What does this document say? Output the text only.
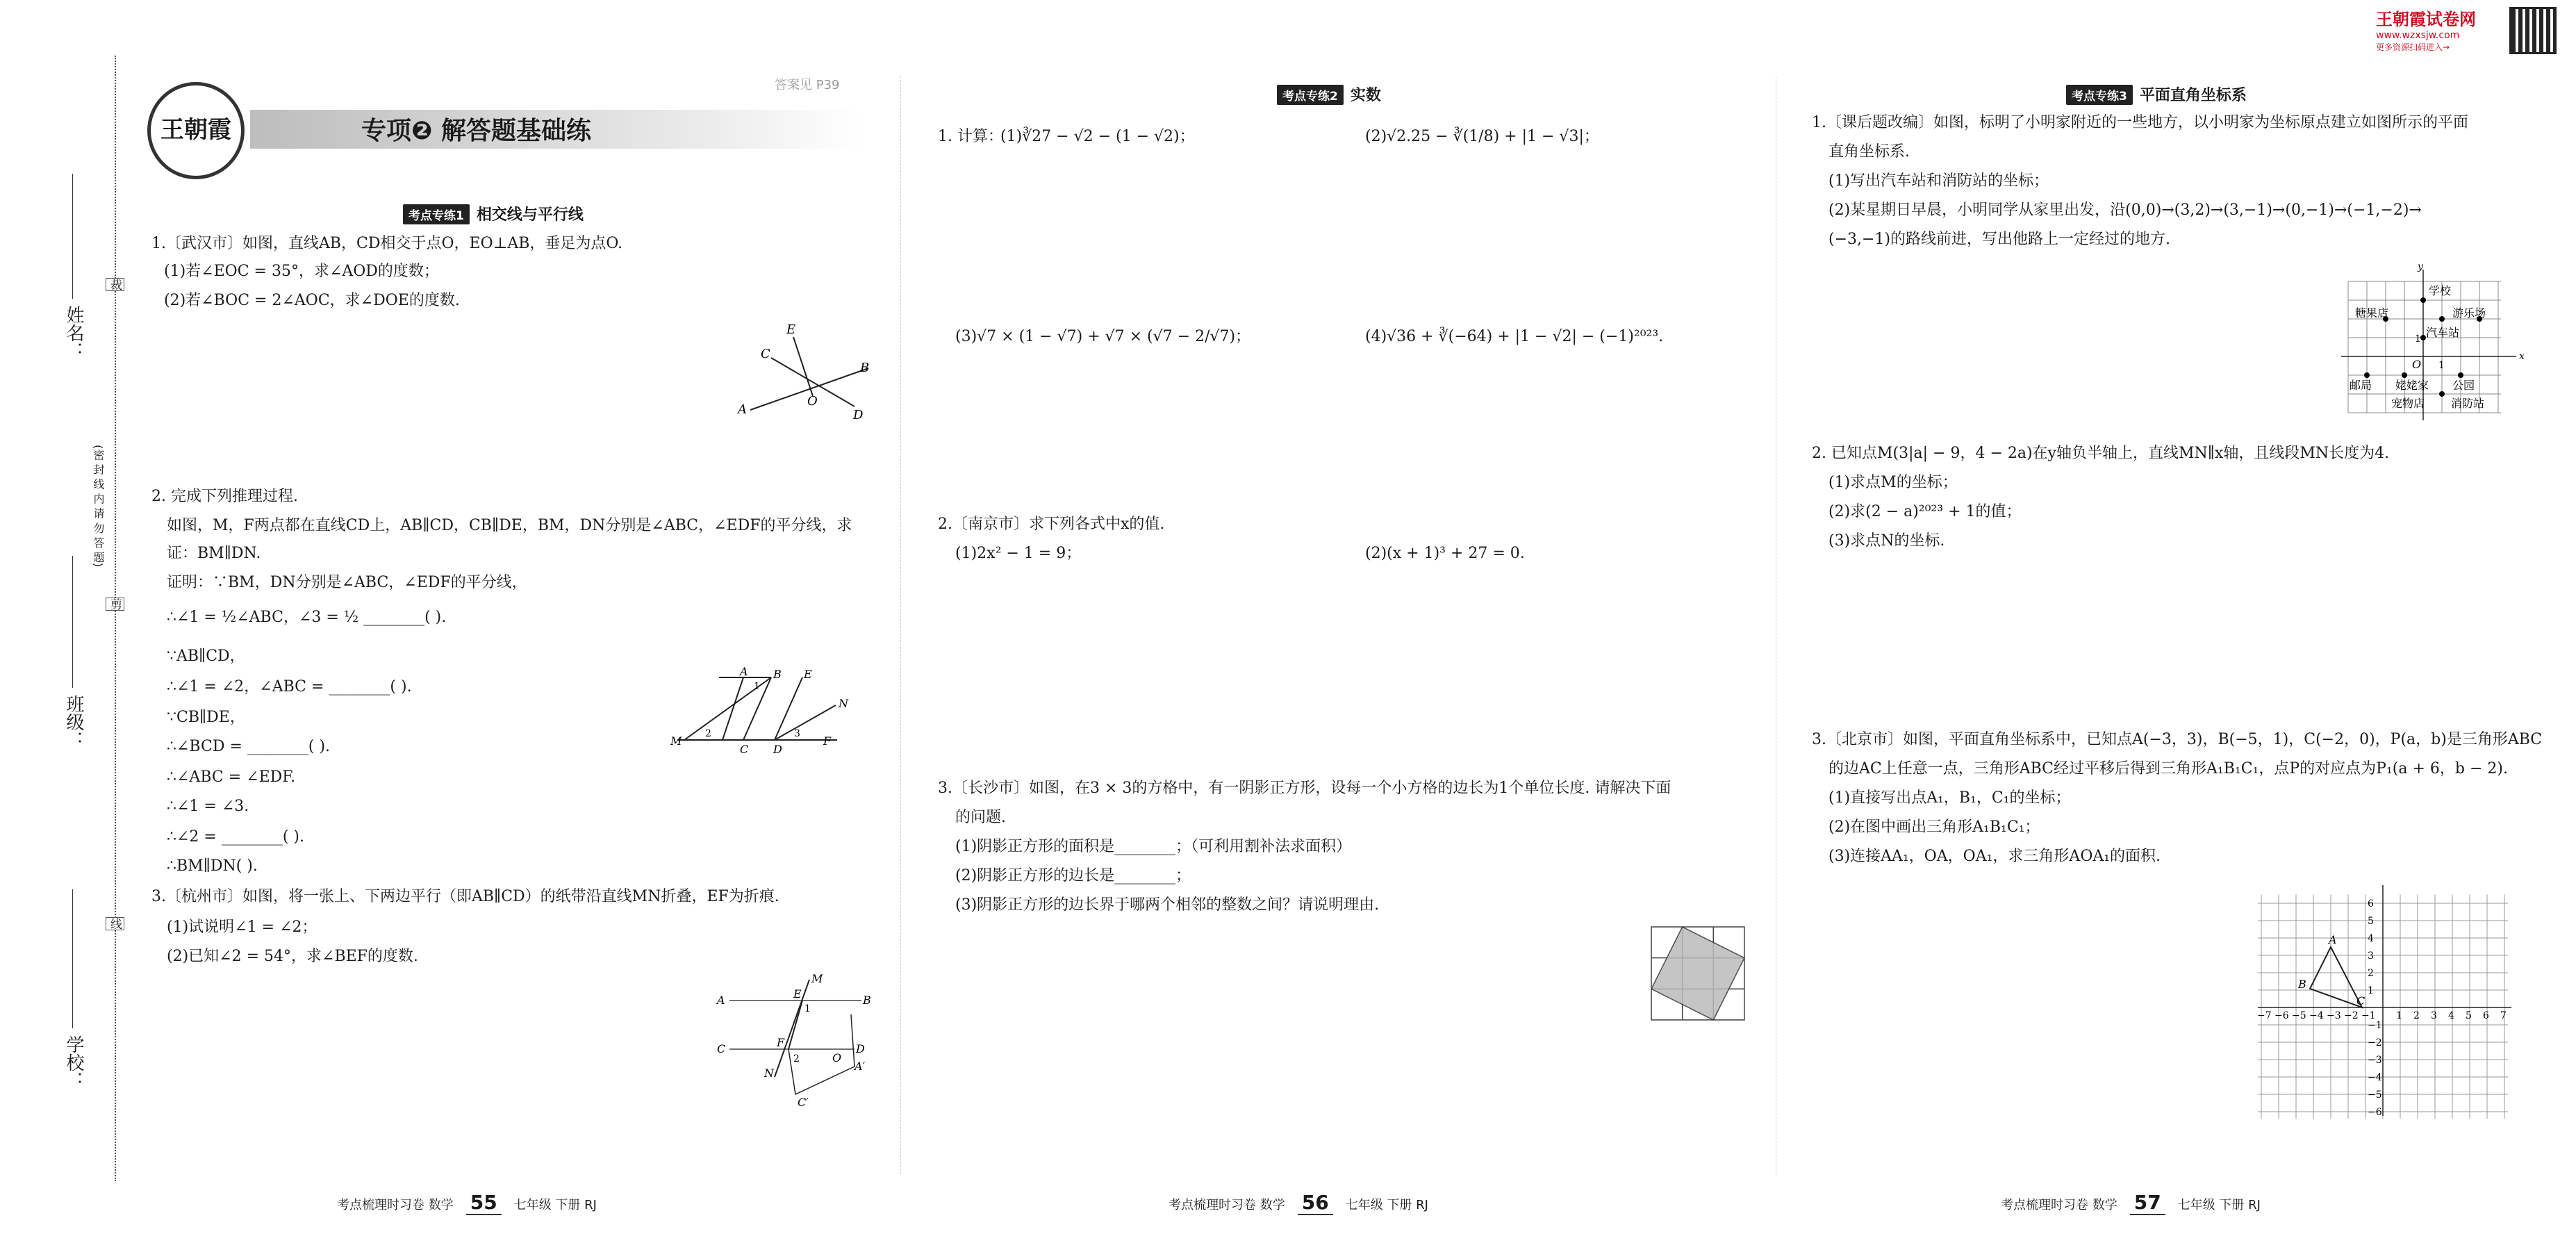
姓名：
班级：
学校：
(密 封 线 内 请 勿 答 题)
裁
剪
线
王朝霞	专项❷ 解答题基础练
答案见 P39
王朝霞试卷网
www.wzxsjw.com
更多资源扫码进入→
考点专练1 相交线与平行线
1.〔武汉市〕如图，直线AB，CD相交于点O，EO⊥AB，垂足为点O.
(1)若∠EOC = 35°，求∠AOD的度数；
(2)若∠BOC = 2∠AOC，求∠DOE的度数.
E
C
B
A
O
D
2. 完成下列推理过程.
如图，M，F两点都在直线CD上，AB∥CD，CB∥DE，BM，DN分别是∠ABC，∠EDF的平分线，求
证：BM∥DN.
证明：∵BM，DN分别是∠ABC，∠EDF的平分线，
∴∠1 = ½∠ABC，∠3 = ½ ________( ).
∵AB∥CD，
∴∠1 = ∠2，∠ABC = ________( ).
∵CB∥DE，
∴∠BCD = ________( ).
∴∠ABC = ∠EDF.
∴∠1 = ∠3.
∴∠2 = ________( ).
∴BM∥DN( ).
A
1
B E
N
M
2
C D
3
F
3.〔杭州市〕如图，将一张上、下两边平行（即AB∥CD）的纸带沿直线MN折叠，EF为折痕.
(1)试说明∠1 = ∠2；
(2)已知∠2 = 54°，求∠BEF的度数.
A	E
M
B
C	F
1
2	O
D
N
A′
C′
考点专练2 实数
1. 计算：
(1)∛27 − √2 − (1 − √2)；	(2)√2.25 − ∛(1/8) + |1 − √3|；
(3)√7 × (1 − √7) + √7 × (√7 − 2/√7)；	(4)√36 + ∛(−64) + |1 − √2| − (−1)²⁰²³.
2.〔南京市〕求下列各式中x的值.
(1)2x² − 1 = 9；	(2)(x + 1)³ + 27 = 0.
3.〔长沙市〕如图，在3 × 3的方格中，有一阴影正方形，设每一个小方格的边长为1个单位长度. 请解决下面
的问题.
(1)阴影正方形的面积是________；（可利用割补法求面积）
(2)阴影正方形的边长是________；
(3)阴影正方形的边长界于哪两个相邻的整数之间？请说明理由.
考点专练3 平面直角坐标系
1.〔课后题改编〕如图，标明了小明家附近的一些地方，以小明家为坐标原点建立如图所示的平面
直角坐标系.
(1)写出汽车站和消防站的坐标；
(2)某星期日早晨，小明同学从家里出发，沿(0,0)→(3,2)→(3,−1)→(0,−1)→(−1,−2)→
(−3,−1)的路线前进，写出他路上一定经过的地方.
学校
糖果店	游乐场
汽车站
邮局 姥姥家 公园
宠物店 消防站
O 1
1
x
y
2. 已知点M(3|a| − 9，4 − 2a)在y轴负半轴上，直线MN∥x轴，且线段MN长度为4.
(1)求点M的坐标；
(2)求(2 − a)²⁰²³ + 1的值；
(3)求点N的坐标.
3.〔北京市〕如图，平面直角坐标系中，已知点A(−3，3)，B(−5，1)，C(−2，0)，P(a，b)是三角形ABC
的边AC上任意一点，三角形ABC经过平移后得到三角形A₁B₁C₁，点P的对应点为P₁(a + 6，b − 2).
(1)直接写出点A₁，B₁，C₁的坐标；
(2)在图中画出三角形A₁B₁C₁；
(3)连接AA₁，OA，OA₁，求三角形AOA₁的面积.
−7 −6 −5 −4 −3 −2 −1 1 2 3 4 5 6 7
6
5
4
3
2
1
−1
−2
−3
−4
−5
−6
A
B
C
考点梳理时习卷 数学 55 七年级 下册 RJ	考点梳理时习卷 数学 56 七年级 下册 RJ	考点梳理时习卷 数学 57 七年级 下册 RJ
